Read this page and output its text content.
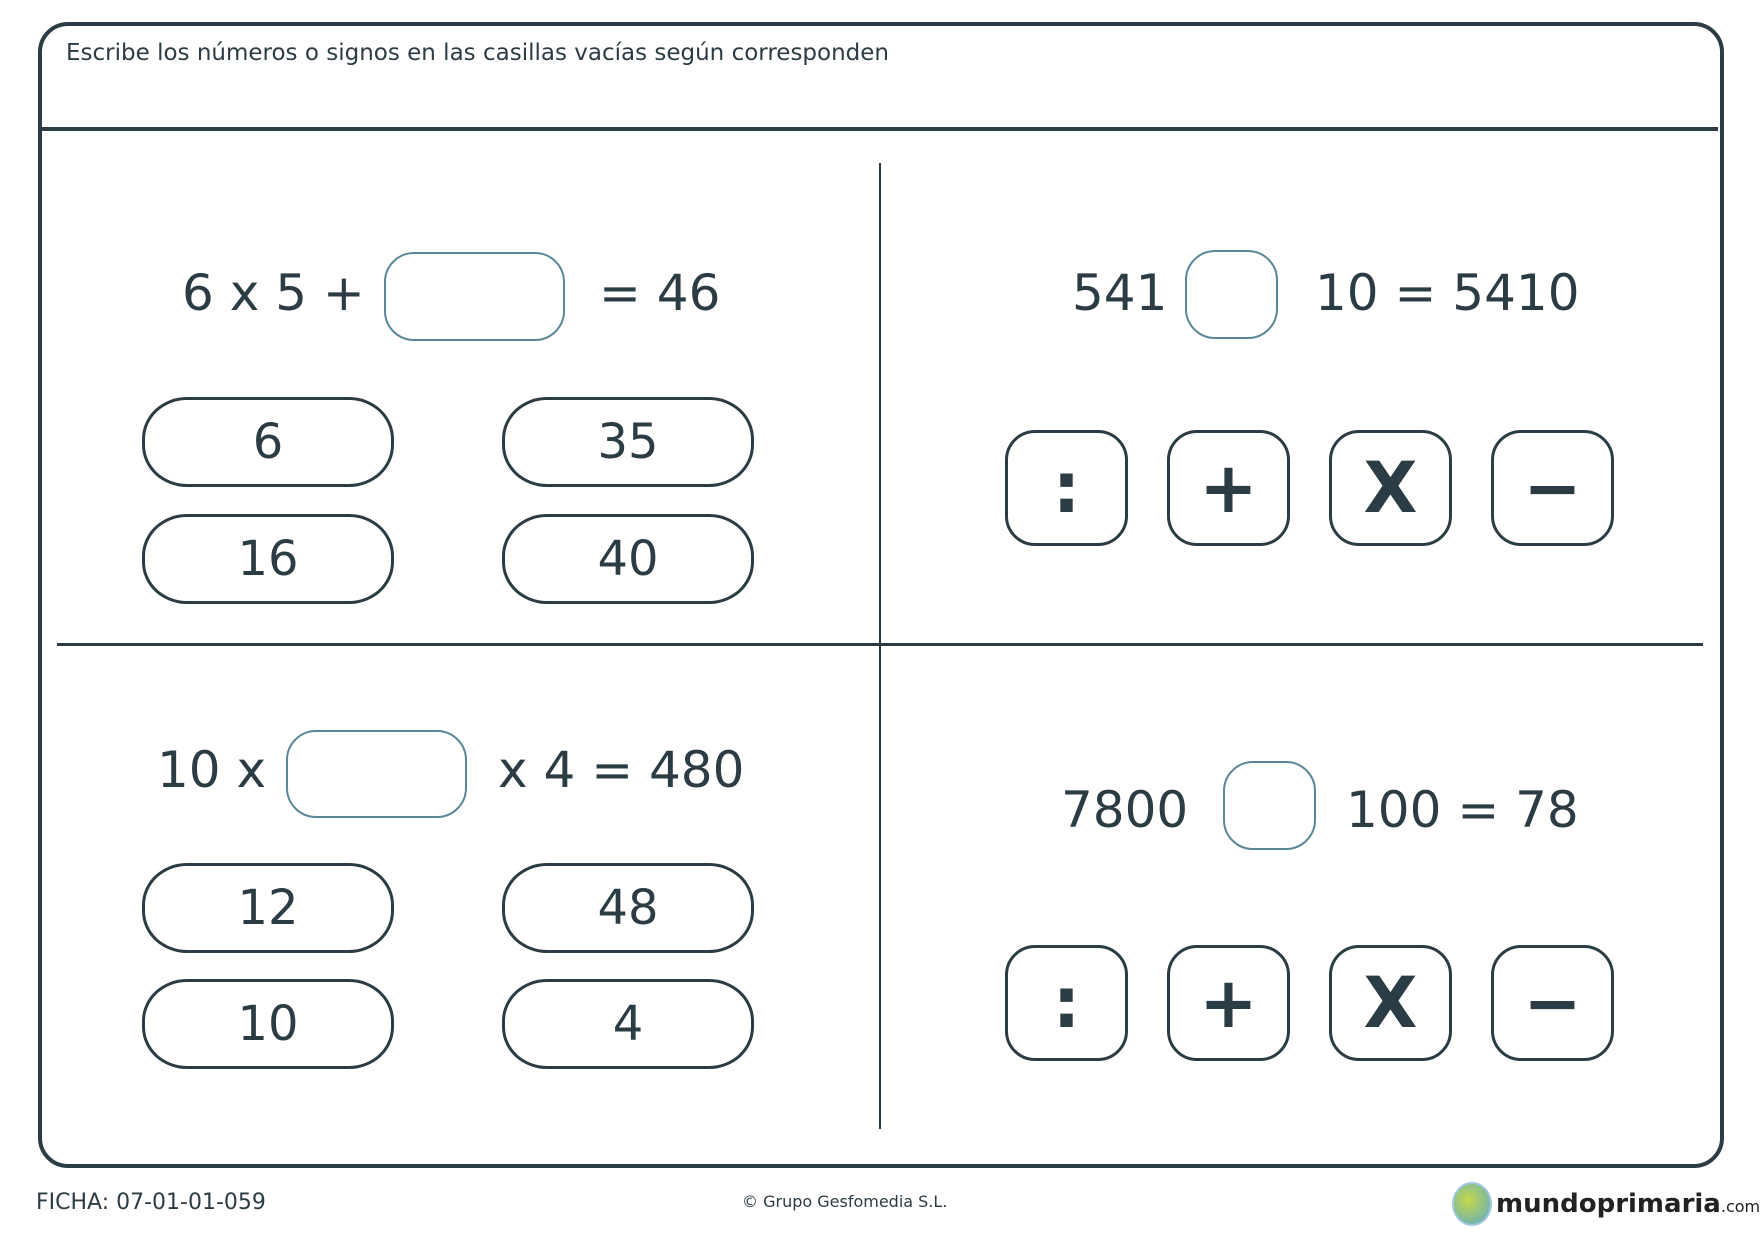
Escribe los números o signos en las casillas vacías según corresponden
6 x 5 +	= 46
6	35
16	40
541	10 = 5410
:	+	X	−
10 x	x 4 = 480
12	48
10	4
7800	100 = 78
:	+	X	−
FICHA: 07-01-01-059	© Grupo Gesfomedia S.L.	mundoprimaria.com
